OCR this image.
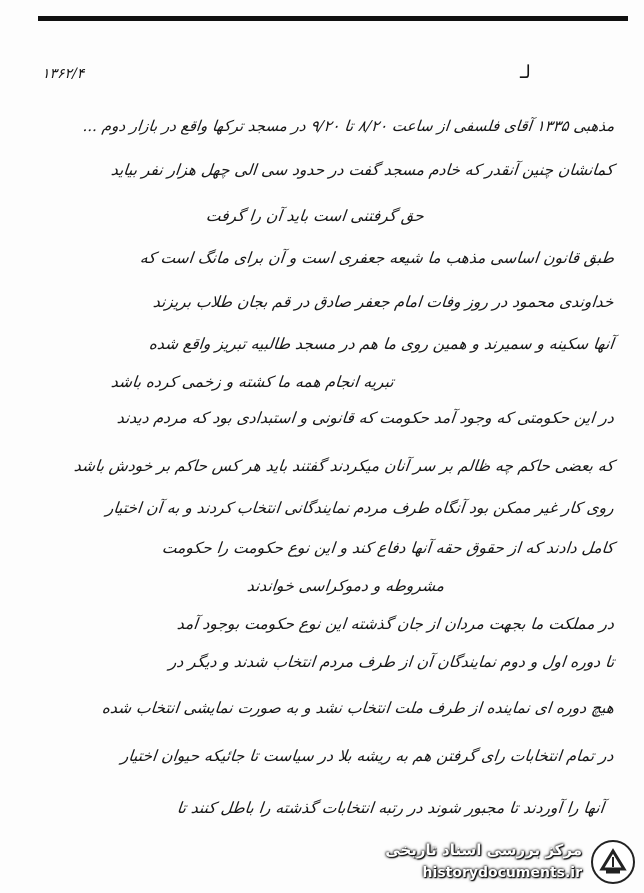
لـ
۱۳۶۲/۴
مذهبی ۱۳۳۵ آقای فلسفی از ساعت ۸/۲۰ تا ۹/۲۰ در مسجد ترکها واقع در بازار دوم ...
کمانشان چنین آنقدر که خادم مسجد گفت در حدود سی الی چهل هزار نفر بیاید
حق گرفتنی است باید آن را گرفت
طبق قانون اساسی مذهب ما شیعه جعفری است و آن برای مانگ است که
خداوندی محمود در روز وفات امام جعفر صادق در قم بجان طلاب بریزند
آنها سکینه و سمیرند و همین روی ما هم در مسجد طالبیه تبریز واقع شده
تبریه انجام همه ما کشته و زخمی کرده باشد
در این حکومتی که وجود آمد حکومت که قانونی و استبدادی بود که مردم دیدند
که بعضی حاکم چه ظالم بر سر آنان میکردند گفتند باید هر کس حاکم بر خودش باشد
روی کار غیر ممکن بود آنگاه طرف مردم نمایندگانی انتخاب کردند و به آن اختیار
کامل دادند که از حقوق حقه آنها دفاع کند و این نوع حکومت را حکومت
مشروطه و دموکراسی خواندند
در مملکت ما بجهت مردان از جان گذشته این نوع حکومت بوجود آمد
تا دوره اول و دوم نمایندگان آن از طرف مردم انتخاب شدند و دیگر در
هیچ دوره ای نماینده از طرف ملت انتخاب نشد و به صورت نمایشی انتخاب شده
در تمام انتخابات رای گرفتن هم به ریشه بلا در سیاست تا جائیکه حیوان اختیار
آنها را آوردند تا مجبور شوند در رتبه انتخابات گذشته را باطل کنند تا
مرکز بررسی اسناد تاریخی
historydocuments.ir
